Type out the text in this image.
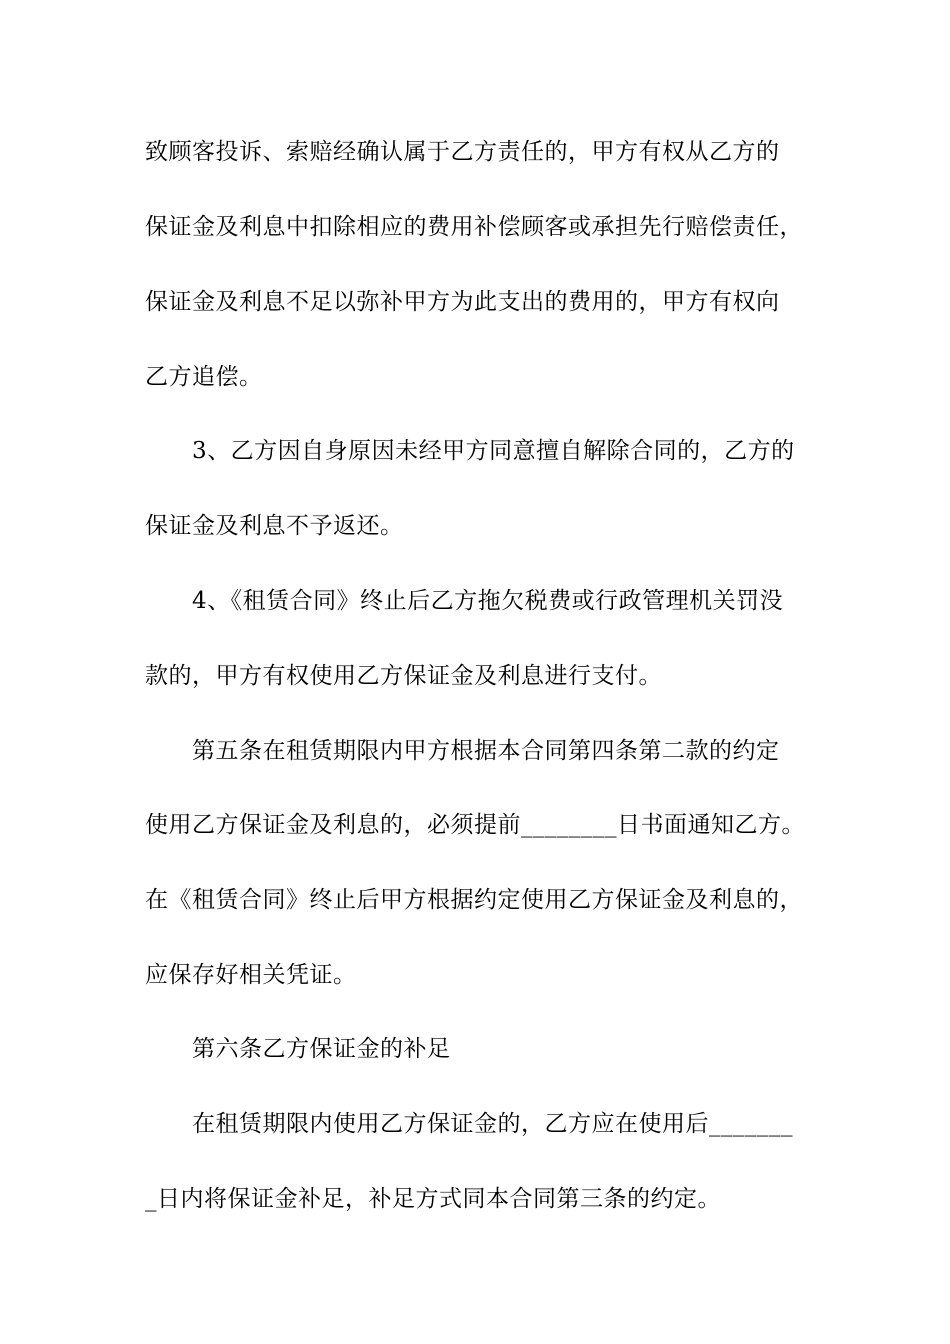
致顾客投诉、索赔经确认属于乙方责任的，甲方有权从乙方的
保证金及利息中扣除相应的费用补偿顾客或承担先行赔偿责任，
保证金及利息不足以弥补甲方为此支出的费用的，甲方有权向
乙方追偿。
3、乙方因自身原因未经甲方同意擅自解除合同的，乙方的
保证金及利息不予返还。
4、《租赁合同》终止后乙方拖欠税费或行政管理机关罚没
款的，甲方有权使用乙方保证金及利息进行支付。
第五条在租赁期限内甲方根据本合同第四条第二款的约定
使用乙方保证金及利息的，必须提前________日书面通知乙方。
在《租赁合同》终止后甲方根据约定使用乙方保证金及利息的，
应保存好相关凭证。
第六条乙方保证金的补足
在租赁期限内使用乙方保证金的，乙方应在使用后_______
_日内将保证金补足，补足方式同本合同第三条的约定。
